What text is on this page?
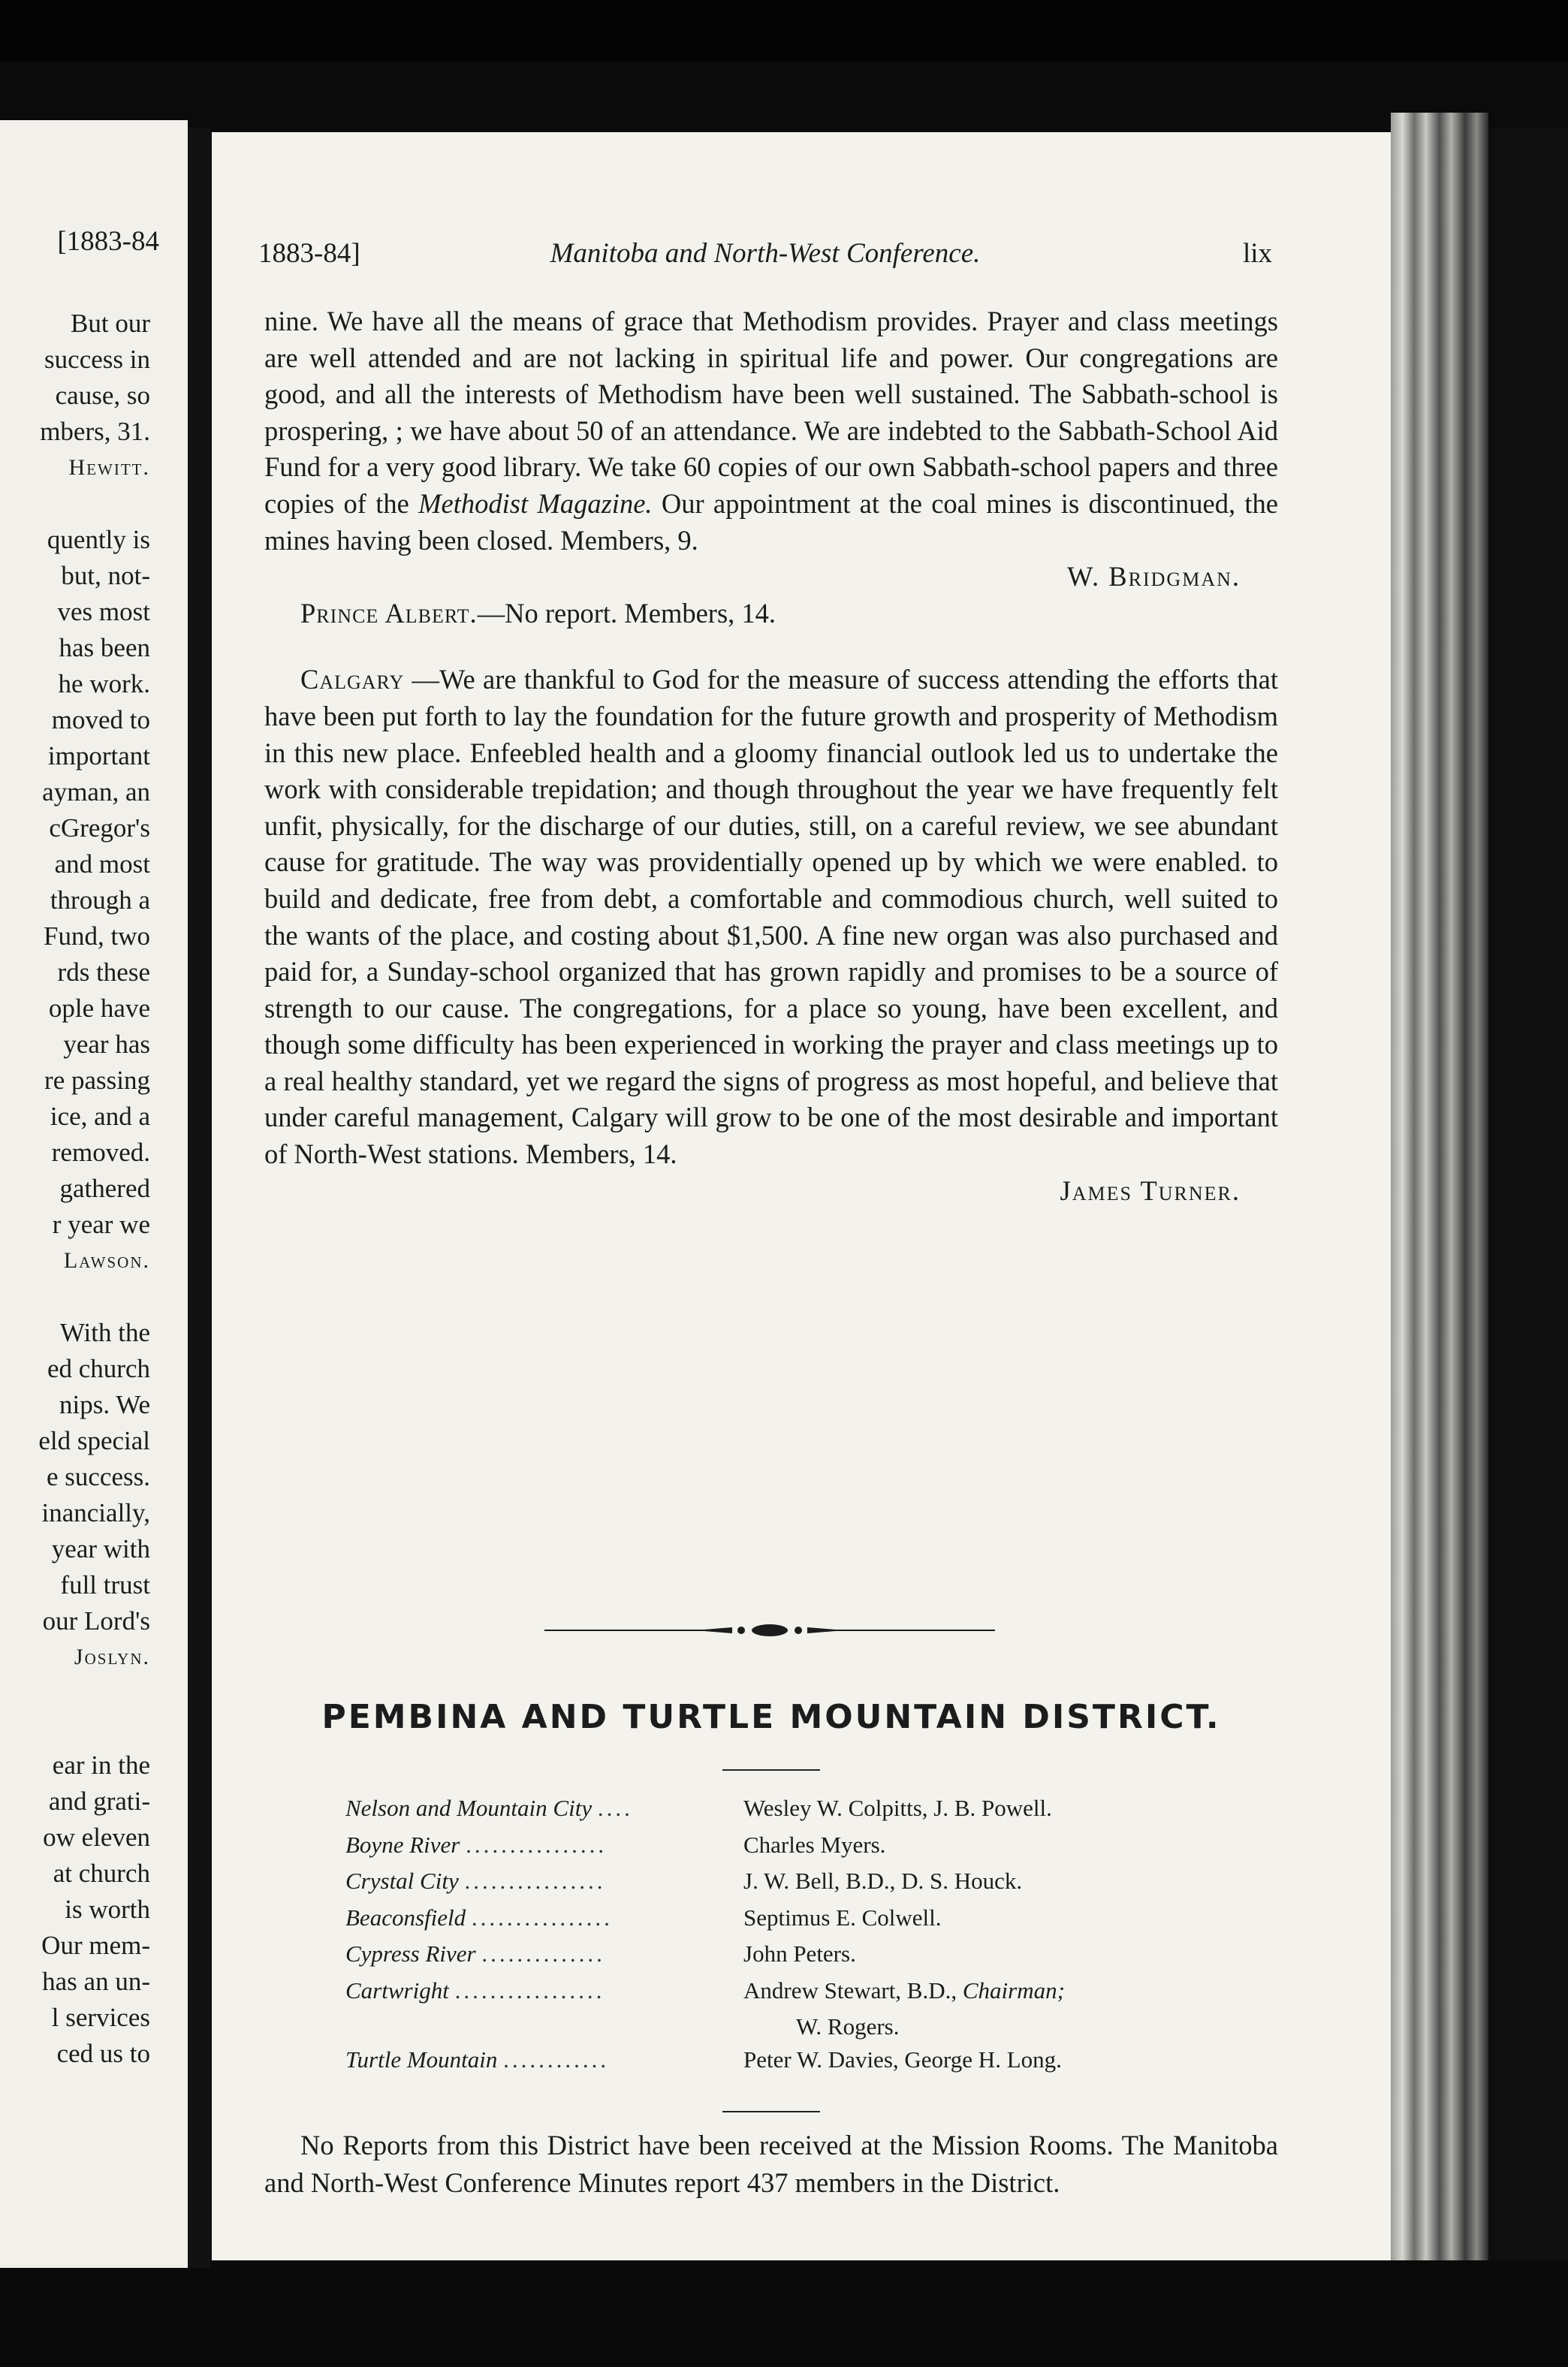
[1883-84
But our
success in
cause, so
mbers, 31.
Hewitt.
quently is
but, not-
ves most
has been
he work.
moved to
important
ayman, an
cGregor's
and most
through a
Fund, two
rds these
ople have
year has
re passing
ice, and a
removed.
gathered
r year we
Lawson.
With the
ed church
nips. We
eld special
e success.
inancially,
year with
full trust
our Lord's
Joslyn.
ear in the
and grati-
ow eleven
at church
is worth
Our mem-
has an un-
l services
ced us to
1883-84]	Manitoba and North-West Conference.	lix

nine. We have all the means of grace that Methodism provides. Prayer and class meetings are well attended and are not lacking in spiritual life and power. Our congregations are good, and all the interests of Methodism have been well sustained. The Sabbath-school is prospering, ; we have about 50 of an attendance. We are indebted to the Sabbath-School Aid Fund for a very good library. We take 60 copies of our own Sabbath-school papers and three copies of the Methodist Magazine. Our appointment at the coal mines is discontinued, the mines having been closed. Members, 9.

W. Bridgman.

Prince Albert.—No report. Members, 14.

Calgary —We are thankful to God for the measure of success attending the efforts that have been put forth to lay the foundation for the future growth and prosperity of Methodism in this new place. Enfeebled health and a gloomy financial outlook led us to undertake the work with considerable trepidation; and though throughout the year we have frequently felt unfit, physically, for the discharge of our duties, still, on a careful review, we see abundant cause for gratitude. The way was providentially opened up by which we were enabled. to build and dedicate, free from debt, a comfortable and commodious church, well suited to the wants of the place, and costing about $1,500. A fine new organ was also purchased and paid for, a Sunday-school organized that has grown rapidly and promises to be a source of strength to our cause. The congregations, for a place so young, have been excellent, and though some difficulty has been experienced in working the prayer and class meetings up to a real healthy standard, yet we regard the signs of progress as most hopeful, and believe that under careful management, Calgary will grow to be one of the most desirable and important of North-West stations. Members, 14.

James Turner.

PEMBINA AND TURTLE MOUNTAIN DISTRICT.
Nelson and Mountain City ....	Wesley W. Colpitts, J. B. Powell.
Boyne River ................	Charles Myers.
Crystal City ................	J. W. Bell, B.D., D. S. Houck.
Beaconsfield ................	Septimus E. Colwell.
Cypress River ..............	John Peters.
Cartwright .................	Andrew Stewart, B.D., Chairman;
W. Rogers.
Turtle Mountain ............	Peter W. Davies, George H. Long.

No Reports from this District have been received at the Mission Rooms. The Manitoba and North-West Conference Minutes report 437 members in the District.
